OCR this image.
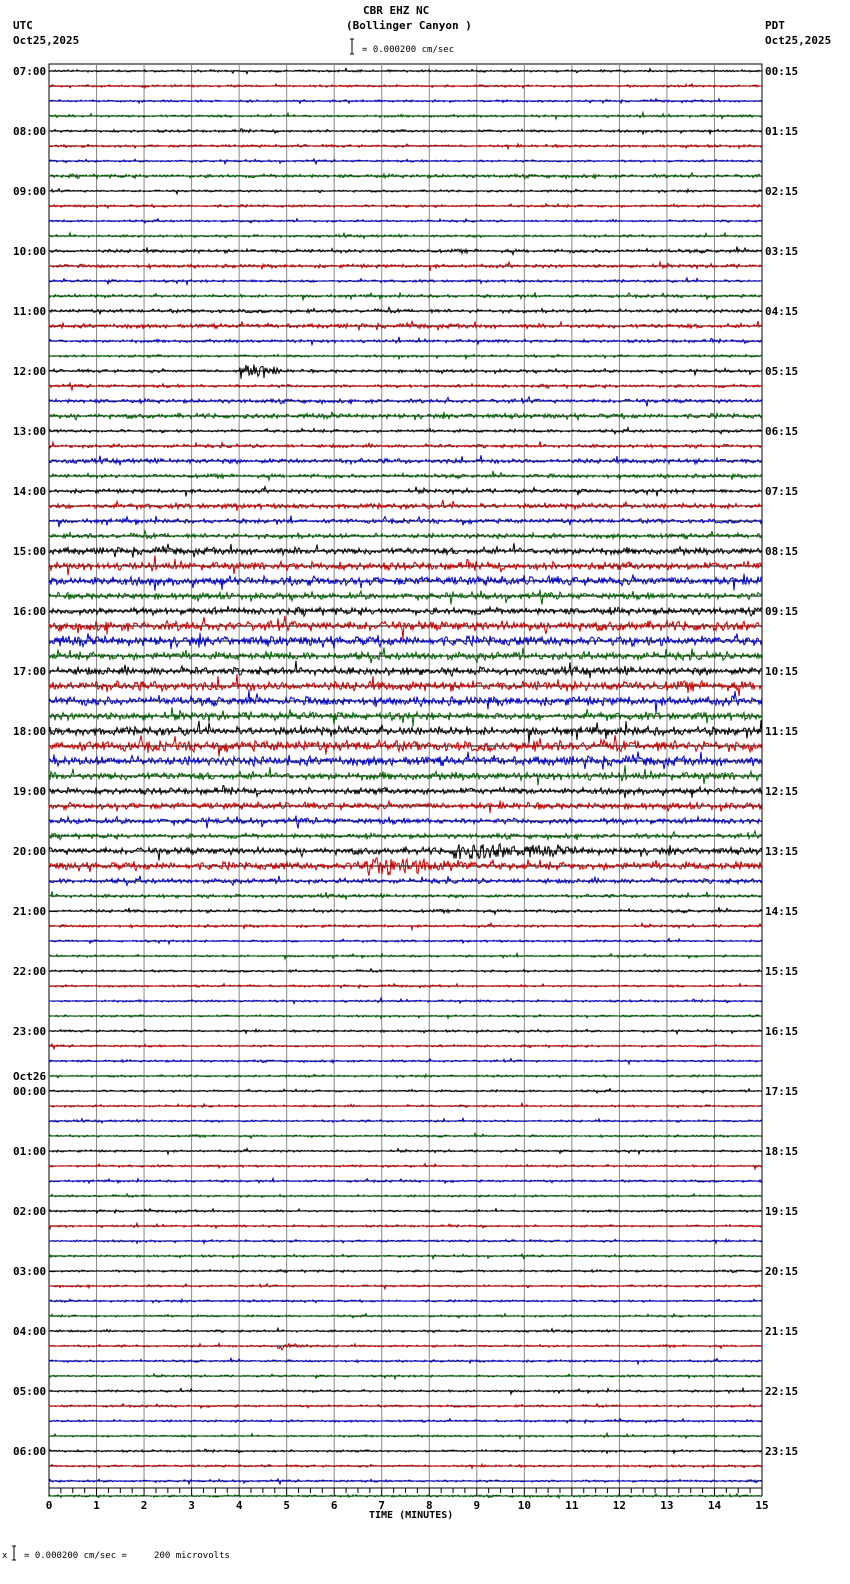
CBR EHZ NC
(Bollinger Canyon )
UTC
Oct25,2025
PDT
Oct25,2025
= 0.000200 cm/sec
= 0.000200 cm/sec =     200 microvolts
x
TIME (MINUTES)
07:00
08:00
09:00
10:00
11:00
12:00
13:00
14:00
15:00
16:00
17:00
18:00
19:00
20:00
21:00
22:00
23:00
00:00
01:00
02:00
03:00
04:00
05:00
06:00
Oct26
00:15
01:15
02:15
03:15
04:15
05:15
06:15
07:15
08:15
09:15
10:15
11:15
12:15
13:15
14:15
15:15
16:15
17:15
18:15
19:15
20:15
21:15
22:15
23:15
0	1	2	3	4	5	6	7	8	9	10	11	12	13	14	15
